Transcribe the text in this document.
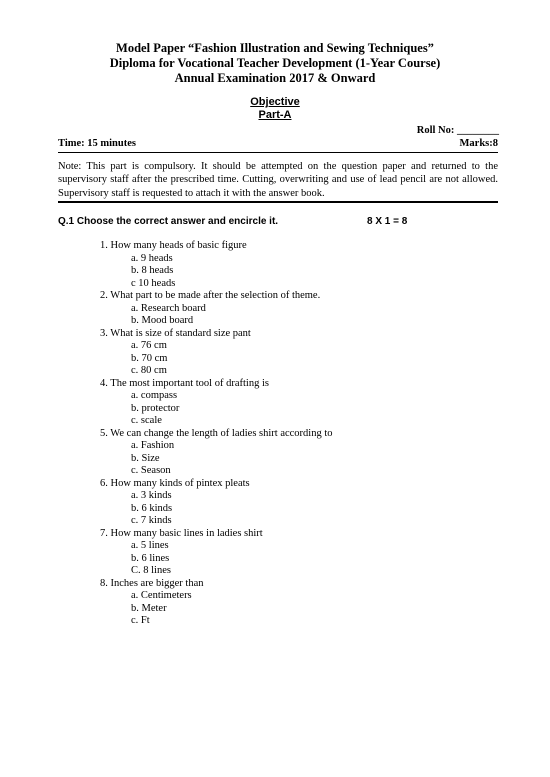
Model Paper “Fashion Illustration and Sewing Techniques”
Diploma for Vocational Teacher Development (1-Year Course)
Annual Examination 2017 & Onward
Objective
Part-A
Roll No: ________
Time: 15 minutes	Marks:8
Note: This part is compulsory. It should be attempted on the question paper and returned to the supervisory staff after the prescribed time. Cutting, overwriting and use of lead pencil are not allowed. Supervisory staff is requested to attach it with the answer book.
Q.1 Choose the correct answer and encircle it.	8 X 1 = 8
1. How many heads of basic figure
a. 9 heads
b. 8 heads
c 10 heads
2. What part to be made after the selection of theme.
a. Research board
b. Mood board
3. What is size of standard size pant
a. 76 cm
b. 70 cm
c. 80 cm
4. The most important tool of drafting is
a. compass
b. protector
c. scale
5. We can change the length of ladies shirt according to
a. Fashion
b. Size
c. Season
6. How many kinds of pintex pleats
a. 3 kinds
b. 6 kinds
c. 7 kinds
7. How many basic lines in ladies shirt
a. 5 lines
b. 6 lines
C. 8 lines
8. Inches are bigger than
a. Centimeters
b. Meter
c. Ft
